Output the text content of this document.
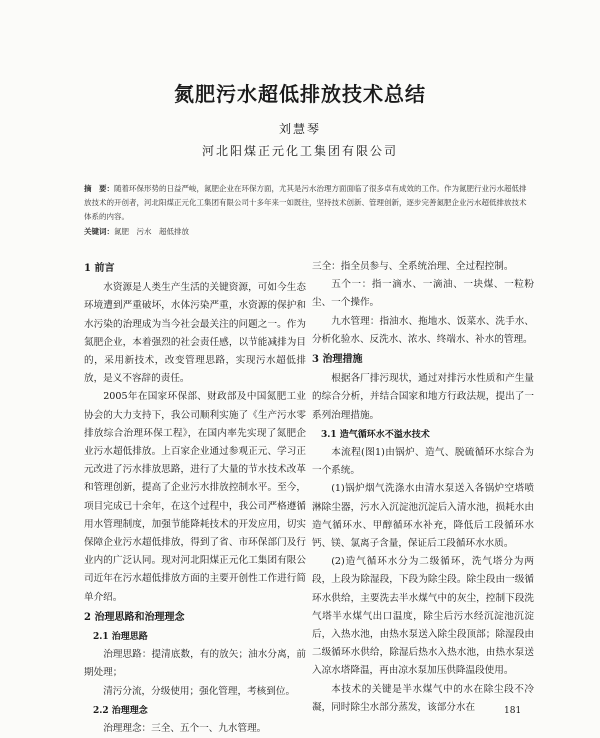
氮肥污水超低排放技术总结
刘慧琴
河北阳煤正元化工集团有限公司
摘　要：随着环保形势的日益严峻，氮肥企业在环保方面，尤其是污水治理方面面临了很多卓有成效的工作。作为氮肥行业污水超低排放技术的开创者，河北阳煤正元化工集团有限公司十多年来一如既往，坚持技术创新、管理创新，逐步完善氮肥企业污水超低排放技术体系的内容。
关键词：氮肥　污水　超低排放

1 前言

水资源是人类生产生活的关键资源，可如今生态环境遭到严重破坏，水体污染严重，水资源的保护和水污染的治理成为当今社会最关注的问题之一。作为氮肥企业，本着强烈的社会责任感，以节能减排为目的，采用新技术，改变管理思路，实现污水超低排放，是义不容辞的责任。

2005年在国家环保部、财政部及中国氮肥工业协会的大力支持下，我公司顺利实施了《生产污水零排放综合治理环保工程》，在国内率先实现了氮肥企业污水超低排放。上百家企业通过参观正元、学习正元改进了污水排放思路，进行了大量的节水技术改革和管理创新，提高了企业污水排放控制水平。至今，项目完成已十余年，在这个过程中，我公司严格遵循用水管理制度，加强节能降耗技术的开发应用，切实保障企业污水超低排放，得到了省、市环保部门及行业内的广泛认同。现对河北阳煤正元化工集团有限公司近年在污水超低排放方面的主要开创性工作进行简单介绍。

2 治理思路和治理理念

2.1 治理思路

治理思路：提清底数，有的放矢；油水分离，前期处理；

清污分流，分级使用；强化管理，考核到位。

2.2 治理理念

治理理念：三全、五个一、九水管理。

三全：指全员参与、全系统治理、全过程控制。

五个一：指一滴水、一滴油、一块煤、一粒粉尘、一个操作。

九水管理：指油水、拖地水、饭菜水、洗手水、分析化验水、反洗水、浓水、终端水、补水的管理。

3 治理措施

根据各厂排污现状，通过对排污水性质和产生量的综合分析，并结合国家和地方行政法规，提出了一系列治理措施。

3.1 造气循环水不溢水技术

本流程(图1)由锅炉、造气、脱硫循环水综合为一个系统。

(1)锅炉烟气洗涤水由清水泵送入各锅炉空塔喷淋除尘器，污水入沉淀池沉淀后入清水池，损耗水由造气循环水、甲醇循环水补充，降低后工段循环水钙、镁、氯离子含量，保证后工段循环水水质。

(2)造气循环水分为二级循环，洗气塔分为两段，上段为除湿段，下段为除尘段。除尘段由一级循环水供给，主要洗去半水煤气中的灰尘，控制下段洗气塔半水煤气出口温度，除尘后污水经沉淀池沉淀后，入热水池，由热水泵送入除尘段顶部；除湿段由二级循环水供给，除湿后热水入热水池，由热水泵送入凉水塔降温，再由凉水泵加压供降温段使用。

本技术的关键是半水煤气中的水在除尘段不冷凝，同时除尘水部分蒸发，该部分水在	181
